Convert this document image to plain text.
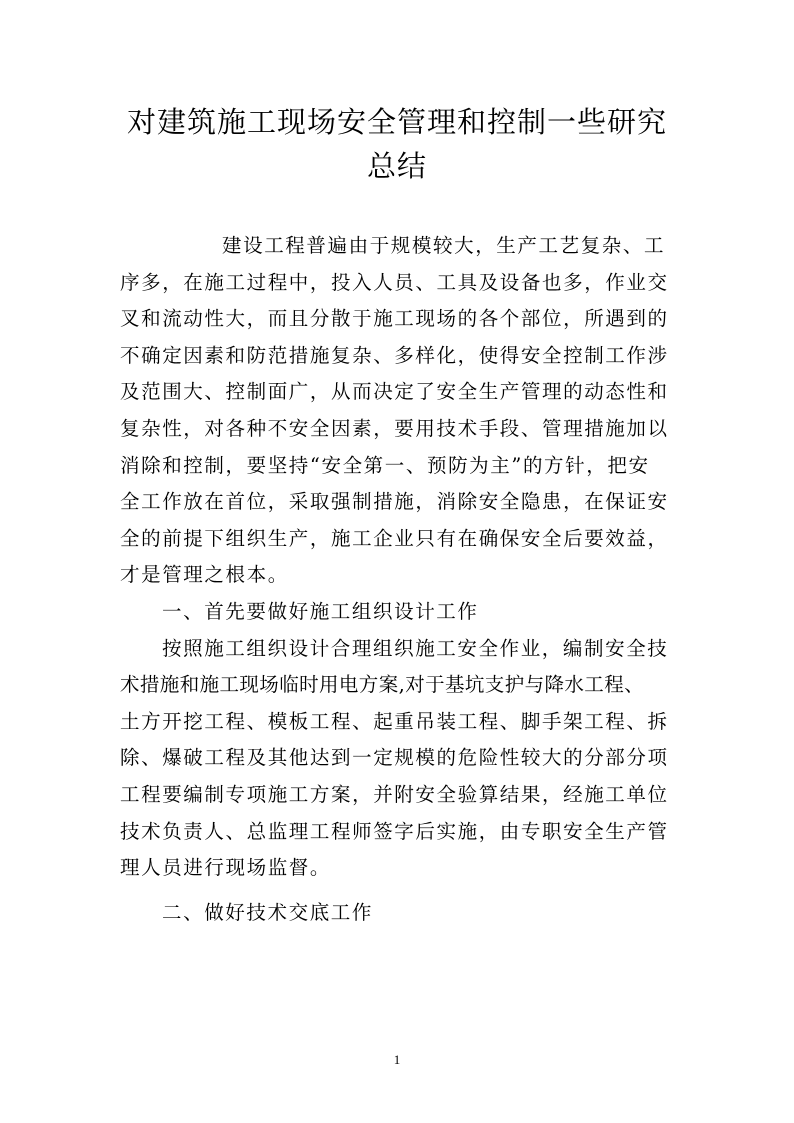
对建筑施工现场安全管理和控制一些研究
总结
建设工程普遍由于规模较大，生产工艺复杂、工
序多，在施工过程中，投入人员、工具及设备也多，作业交
叉和流动性大，而且分散于施工现场的各个部位，所遇到的
不确定因素和防范措施复杂、多样化，使得安全控制工作涉
及范围大、控制面广，从而决定了安全生产管理的动态性和
复杂性，对各种不安全因素，要用技术手段、管理措施加以
消除和控制，要坚持“安全第一、预防为主”的方针，把安
全工作放在首位，采取强制措施，消除安全隐患，在保证安
全的前提下组织生产，施工企业只有在确保安全后要效益，
才是管理之根本。
一、首先要做好施工组织设计工作
按照施工组织设计合理组织施工安全作业，编制安全技
术措施和施工现场临时用电方案,对于基坑支护与降水工程、
土方开挖工程、模板工程、起重吊装工程、脚手架工程、拆
除、爆破工程及其他达到一定规模的危险性较大的分部分项
工程要编制专项施工方案，并附安全验算结果，经施工单位
技术负责人、总监理工程师签字后实施，由专职安全生产管
理人员进行现场监督。
二、做好技术交底工作
1
